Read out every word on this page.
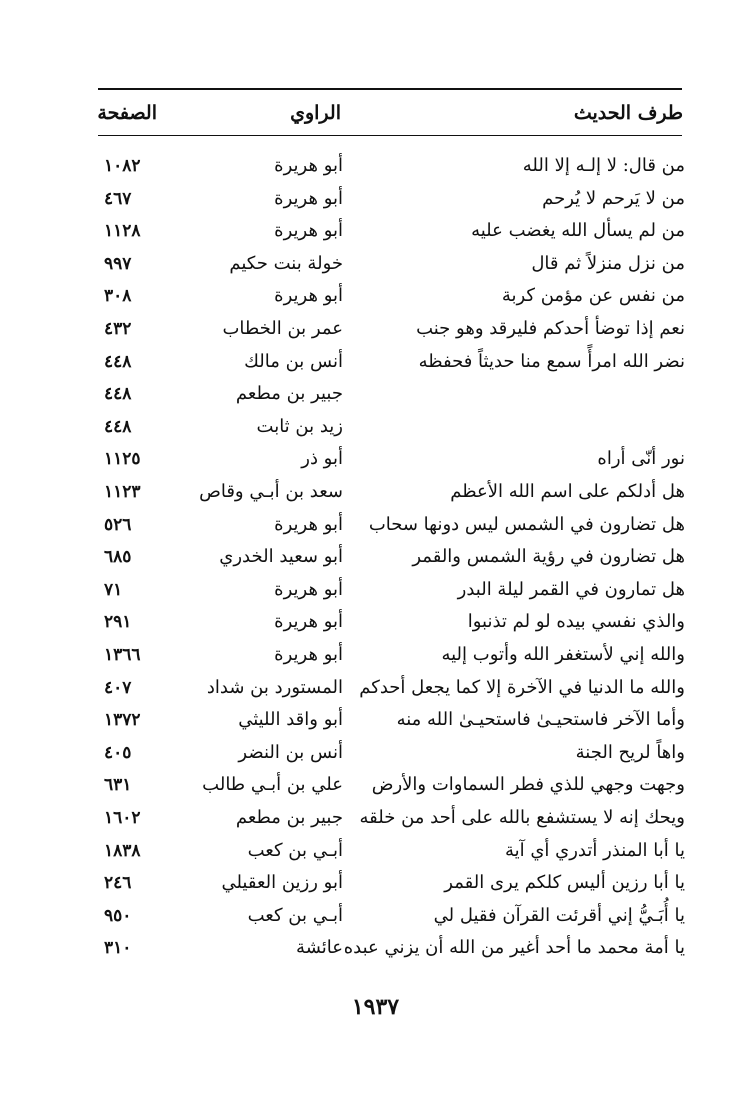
طرف الحديث
الراوي
الصفحة
من قال: لا إلـه إلا الله
أبو هريرة
١٠٨٢
من لا يَرحم لا يُرحم
أبو هريرة
٤٦٧
من لم يسأل الله يغضب عليه
أبو هريرة
١١٢٨
من نزل منزلاً ثم قال
خولة بنت حكيم
٩٩٧
من نفس عن مؤمن كربة
أبو هريرة
٣٠٨
نعم إذا توضأ أحدكم فليرقد وهو جنب
عمر بن الخطاب
٤٣٢
نضر الله امرأً سمع منا حديثاً فحفظه
أنس بن مالك
٤٤٨
جبير بن مطعم
٤٤٨
زيد بن ثابت
٤٤٨
نور أنّى أراه
أبو ذر
١١٢٥
هل أدلكم على اسم الله الأعظم
سعد بن أبـي وقاص
١١٢٣
هل تضارون في الشمس ليس دونها سحاب
أبو هريرة
٥٢٦
هل تضارون في رؤية الشمس والقمر
أبو سعيد الخدري
٦٨٥
هل تمارون في القمر ليلة البدر
أبو هريرة
٧١
والذي نفسي بيده لو لم تذنبوا
أبو هريرة
٢٩١
والله إني لأستغفر الله وأتوب إليه
أبو هريرة
١٣٦٦
والله ما الدنيا في الآخرة إلا كما يجعل أحدكم
المستورد بن شداد
٤٠٧
وأما الآخر فاستحيـىٰ فاستحيـىٰ الله منه
أبو واقد الليثي
١٣٧٢
واهاً لريح الجنة
أنس بن النضر
٤٠٥
وجهت وجهي للذي فطر السماوات والأرض
علي بن أبـي طالب
٦٣١
ويحك إنه لا يستشفع بالله على أحد من خلقه
جبير بن مطعم
١٦٠٢
يا أبا المنذر أتدري أي آية
أبـي بن كعب
١٨٣٨
يا أبا رزين أليس كلكم يرى القمر
أبو رزين العقيلي
٢٤٦
يا أُبَـيُّ إني أقرئت القرآن فقيل لي
أبـي بن كعب
٩٥٠
يا أمة محمد ما أحد أغير من الله أن يزني عبده
عائشة
٣١٠
١٩٣٧
